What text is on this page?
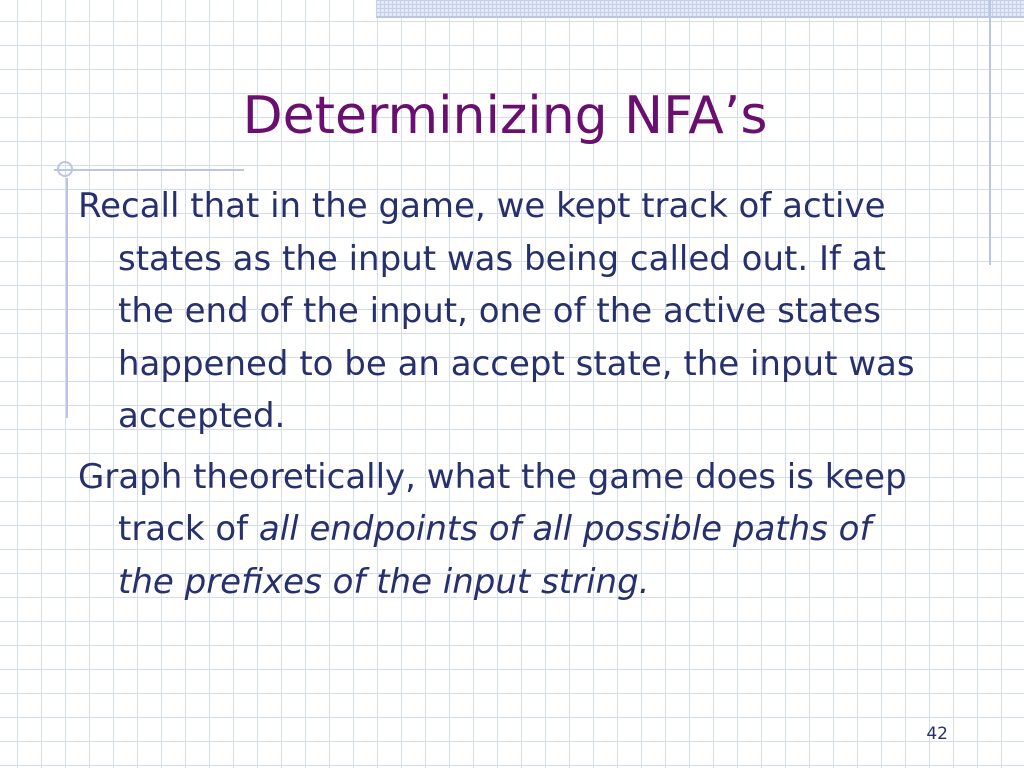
Determinizing NFA’s
Recall that in the game, we kept track of active states as the input was being called out. If at the end of the input, one of the active states happened to be an accept state, the input was accepted.
Graph theoretically, what the game does is keep track of all endpoints of all possible paths of the prefixes of the input string.
42
